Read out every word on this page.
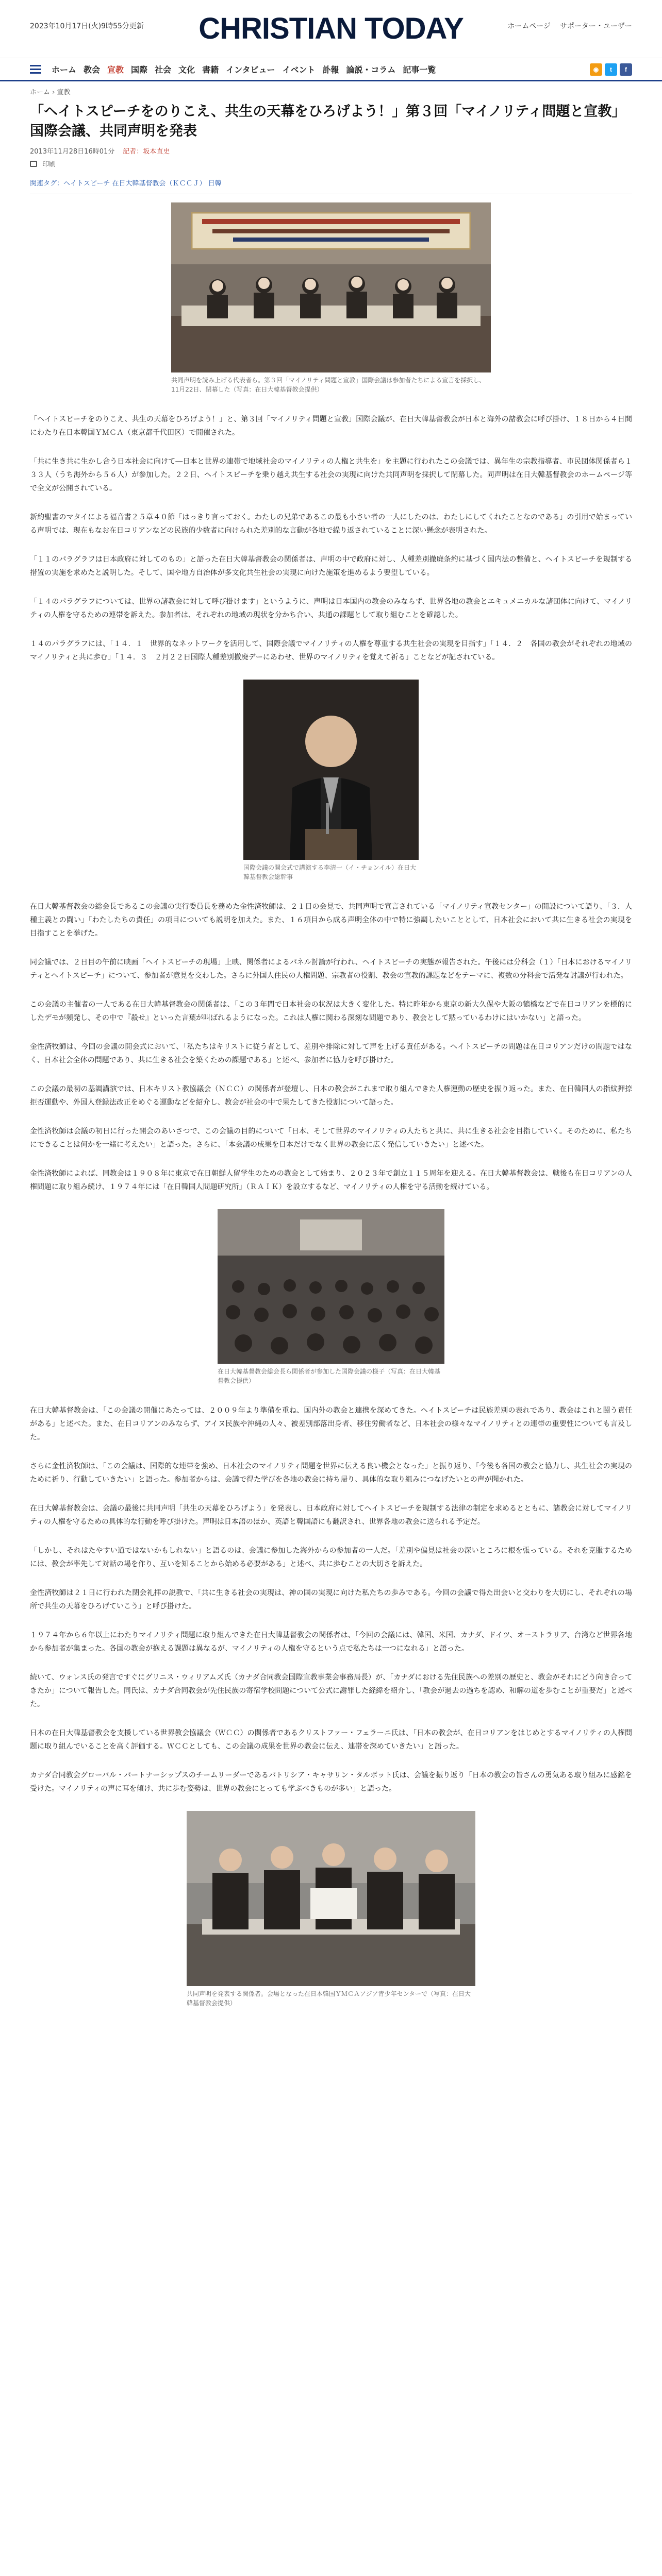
2023年10月17日(火)9時55分更新	CHRISTIAN TODAY	ホームページ サポーター・ユーザー
ホーム 教会 宣教 国際 社会 文化 書籍 インタビュー イベント 訃報 論説・コラム 記事一覧	◉	t	f
ホーム › 宣教
「ヘイトスピーチをのりこえ、共生の天幕をひろげよう！」第３回「マイノリティ問題と宣教」国際会議、共同声明を発表
2013年11月28日16時01分 記者：坂本直史
印刷
関連タグ：ヘイトスピーチ 在日大韓基督教会（ＫＣＣＪ） 日韓
共同声明を読み上げる代表者ら。第３回「マイノリティ問題と宣教」国際会議は参加者たちによる宣言を採択し、11月22日、閉幕した（写真：在日大韓基督教会提供）

「ヘイトスピーチをのりこえ、共生の天幕をひろげよう！」と、第３回「マイノリティ問題と宣教」国際会議が、在日大韓基督教会が日本と海外の諸教会に呼び掛け、１８日から４日間にわたり在日本韓国ＹＭＣＡ（東京都千代田区）で開催された。

「共に生き共に生かし合う日本社会に向けて―日本と世界の連帯で地域社会のマイノリティの人権と共生を」を主題に行われたこの会議では、異年生の宗教指導者、市民団体関係者ら１３３人（うち海外から５６人）が参加した。２２日、ヘイトスピーチを乗り越え共生する社会の実現に向けた共同声明を採択して閉幕した。同声明は在日大韓基督教会のホームページ等で全文が公開されている。

新約聖書のマタイによる福音書２５章４０節「はっきり言っておく。わたしの兄弟であるこの最も小さい者の一人にしたのは、わたしにしてくれたことなのである」の引用で始まっている声明では、現在もなお在日コリアンなどの民族的少数者に向けられた差別的な言動が各地で繰り返されていることに深い懸念が表明された。

「１１のパラグラフは日本政府に対してのもの」と語った在日大韓基督教会の関係者は、声明の中で政府に対し、人種差別撤廃条約に基づく国内法の整備と、ヘイトスピーチを規制する措置の実施を求めたと説明した。そして、国や地方自治体が多文化共生社会の実現に向けた施策を進めるよう要望している。

「１４のパラグラフについては、世界の諸教会に対して呼び掛けます」というように、声明は日本国内の教会のみならず、世界各地の教会とエキュメニカルな諸団体に向けて、マイノリティの人権を守るための連帯を訴えた。参加者は、それぞれの地域の現状を分かち合い、共通の課題として取り組むことを確認した。

１４のパラグラフには、「１４．１　世界的なネットワークを活用して、国際会議でマイノリティの人権を尊重する共生社会の実現を目指す」「１４．２　各国の教会がそれぞれの地域のマイノリティと共に歩む」「１４．３　２月２２日国際人種差別撤廃デーにあわせ、世界のマイノリティを覚えて祈る」ことなどが記されている。

国際会議の開会式で講演する李清一（イ・チョンイル）在日大韓基督教会総幹事

在日大韓基督教会の総会長であるこの会議の実行委員長を務めた金性済牧師は、２１日の会見で、共同声明で宣言されている「マイノリティ宣教センター」の開設について語り、「３．人種主義との闘い」「わたしたちの責任」の項目についても説明を加えた。また、１６項目から成る声明全体の中で特に強調したいこととして、日本社会において共に生きる社会の実現を目指すことを挙げた。

同会議では、２日目の午前に映画「ヘイトスピーチの現場」上映、関係者によるパネル討論が行われ、ヘイトスピーチの実態が報告された。午後には分科会（１）「日本におけるマイノリティとヘイトスピーチ」について、参加者が意見を交わした。さらに外国人住民の人権問題、宗教者の役割、教会の宣教的課題などをテーマに、複数の分科会で活発な討議が行われた。

この会議の主催者の一人である在日大韓基督教会の関係者は、「この３年間で日本社会の状況は大きく変化した。特に昨年から東京の新大久保や大阪の鶴橋などで在日コリアンを標的にしたデモが頻発し、その中で『殺せ』といった言葉が叫ばれるようになった。これは人権に関わる深刻な問題であり、教会として黙っているわけにはいかない」と語った。

金性済牧師は、今回の会議の開会式において、「私たちはキリストに従う者として、差別や排除に対して声を上げる責任がある。ヘイトスピーチの問題は在日コリアンだけの問題ではなく、日本社会全体の問題であり、共に生きる社会を築くための課題である」と述べ、参加者に協力を呼び掛けた。

この会議の最初の基調講演では、日本キリスト教協議会（ＮＣＣ）の関係者が登壇し、日本の教会がこれまで取り組んできた人権運動の歴史を振り返った。また、在日韓国人の指紋押捺拒否運動や、外国人登録法改正をめぐる運動などを紹介し、教会が社会の中で果たしてきた役割について語った。

金性済牧師は会議の初日に行った開会のあいさつで、この会議の目的について「日本、そして世界のマイノリティの人たちと共に、共に生きる社会を目指していく。そのために、私たちにできることは何かを一緒に考えたい」と語った。さらに、「本会議の成果を日本だけでなく世界の教会に広く発信していきたい」と述べた。

金性済牧師によれば、同教会は１９０８年に東京で在日朝鮮人留学生のための教会として始まり、２０２３年で創立１１５周年を迎える。在日大韓基督教会は、戦後も在日コリアンの人権問題に取り組み続け、１９７４年には「在日韓国人問題研究所」（ＲＡＩＫ）を設立するなど、マイノリティの人権を守る活動を続けている。

在日大韓基督教会総会長ら関係者が参加した国際会議の様子（写真：在日大韓基督教会提供）

在日大韓基督教会は、「この会議の開催にあたっては、２００９年より準備を重ね、国内外の教会と連携を深めてきた。ヘイトスピーチは民族差別の表れであり、教会はこれと闘う責任がある」と述べた。また、在日コリアンのみならず、アイヌ民族や沖縄の人々、被差別部落出身者、移住労働者など、日本社会の様々なマイノリティとの連帯の重要性についても言及した。

さらに金性済牧師は、「この会議は、国際的な連帯を強め、日本社会のマイノリティ問題を世界に伝える良い機会となった」と振り返り、「今後も各国の教会と協力し、共生社会の実現のために祈り、行動していきたい」と語った。参加者からは、会議で得た学びを各地の教会に持ち帰り、具体的な取り組みにつなげたいとの声が聞かれた。

在日大韓基督教会は、会議の最後に共同声明「共生の天幕をひろげよう」を発表し、日本政府に対してヘイトスピーチを規制する法律の制定を求めるとともに、諸教会に対してマイノリティの人権を守るための具体的な行動を呼び掛けた。声明は日本語のほか、英語と韓国語にも翻訳され、世界各地の教会に送られる予定だ。

「しかし、それはたやすい道ではないかもしれない」と語るのは、会議に参加した海外からの参加者の一人だ。「差別や偏見は社会の深いところに根を張っている。それを克服するためには、教会が率先して対話の場を作り、互いを知ることから始める必要がある」と述べ、共に歩むことの大切さを訴えた。

金性済牧師は２１日に行われた閉会礼拝の説教で、「共に生きる社会の実現は、神の国の実現に向けた私たちの歩みである。今回の会議で得た出会いと交わりを大切にし、それぞれの場所で共生の天幕をひろげていこう」と呼び掛けた。

１９７４年から６年以上にわたりマイノリティ問題に取り組んできた在日大韓基督教会の関係者は、「今回の会議には、韓国、米国、カナダ、ドイツ、オーストラリア、台湾など世界各地から参加者が集まった。各国の教会が抱える課題は異なるが、マイノリティの人権を守るという点で私たちは一つになれる」と語った。

続いて、ウォレス氏の発言ですぐにグリニス・ウィリアムズ氏（カナダ合同教会国際宣教事業会事務局長）が、「カナダにおける先住民族への差別の歴史と、教会がそれにどう向き合ってきたか」について報告した。同氏は、カナダ合同教会が先住民族の寄宿学校問題について公式に謝罪した経緯を紹介し、「教会が過去の過ちを認め、和解の道を歩むことが重要だ」と述べた。

日本の在日大韓基督教会を支援している世界教会協議会（ＷＣＣ）の関係者であるクリストファー・フェラーニ氏は、「日本の教会が、在日コリアンをはじめとするマイノリティの人権問題に取り組んでいることを高く評価する。ＷＣＣとしても、この会議の成果を世界の教会に伝え、連帯を深めていきたい」と語った。

カナダ合同教会グローバル・パートナーシップスのチームリーダーであるパトリシア・キャサリン・タルボット氏は、会議を振り返り「日本の教会の皆さんの勇気ある取り組みに感銘を受けた。マイノリティの声に耳を傾け、共に歩む姿勢は、世界の教会にとっても学ぶべきものが多い」と語った。

共同声明を発表する関係者。会場となった在日本韓国ＹＭＣＡアジア青少年センターで（写真：在日大韓基督教会提供）
